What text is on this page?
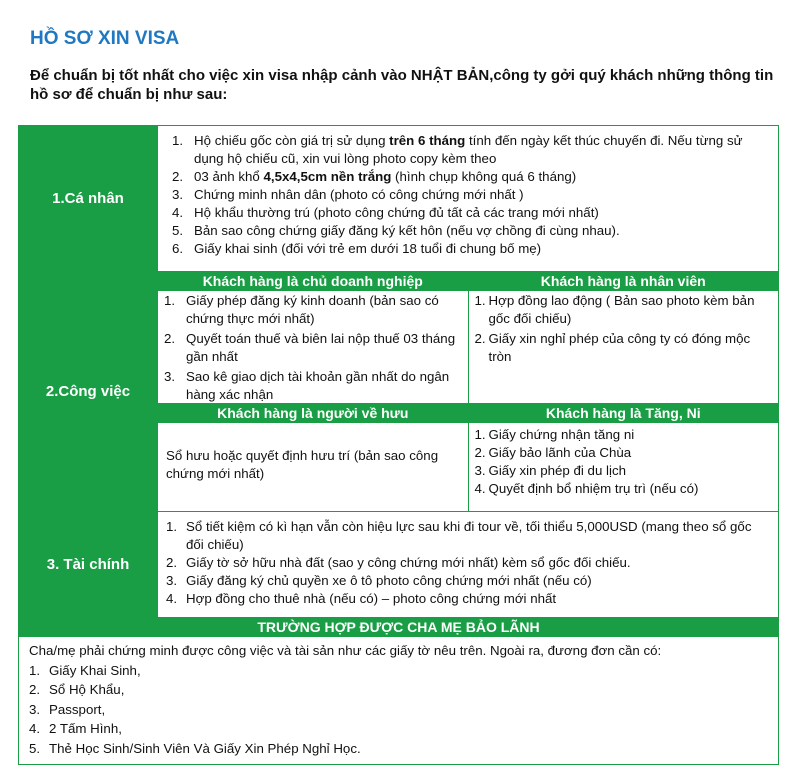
HỒ SƠ XIN VISA
Để chuẩn bị tốt nhất cho việc xin visa nhập cảnh vào NHẬT BẢN,công ty gởi quý khách những thông tin hồ sơ để chuẩn bị như sau:
1.Cá nhân
1. Hộ chiếu gốc còn giá trị sử dụng trên 6 tháng tính đến ngày kết thúc chuyến đi. Nếu từng sử dụng hộ chiếu cũ, xin vui lòng photo copy kèm theo
2. 03 ảnh khổ 4,5x4,5cm nền trắng (hình chụp không quá 6 tháng)
3. Chứng minh nhân dân (photo có công chứng mới nhất )
4. Hộ khẩu thường trú (photo công chứng đủ tất cả các trang mới nhất)
5. Bản sao công chứng giấy đăng ký kết hôn (nếu vợ chồng đi cùng nhau).
6. Giấy khai sinh (đối với trẻ em dưới 18 tuổi đi chung bố mẹ)
2.Công việc
Khách hàng là chủ doanh nghiệp
1. Giấy phép đăng ký kinh doanh (bản sao có chứng thực mới nhất)
2. Quyết toán thuế và biên lai nộp thuế 03 tháng gần nhất
3. Sao kê giao dịch tài khoản gần nhất do ngân hàng xác nhận
Khách hàng là nhân viên
1. Hợp đồng lao động ( Bản sao photo kèm bản gốc đối chiếu)
2. Giấy xin nghỉ phép của công ty có đóng mộc tròn
Khách hàng là người về hưu
Sổ hưu hoặc quyết định hưu trí (bản sao công chứng mới nhất)
Khách hàng là Tăng, Ni
1. Giấy chứng nhận tăng ni
2. Giấy bảo lãnh của Chùa
3. Giấy xin phép đi du lịch
4. Quyết định bổ nhiệm trụ trì (nếu có)
3. Tài chính
1. Sổ tiết kiệm có kì hạn vẫn còn hiệu lực sau khi đi tour về, tối thiểu 5,000USD (mang theo sổ gốc đối chiếu)
2. Giấy tờ sở hữu nhà đất (sao y công chứng mới nhất) kèm sổ gốc đối chiếu.
3. Giấy đăng ký chủ quyền xe ô tô photo công chứng mới nhất (nếu có)
4. Hợp đồng cho thuê nhà (nếu có) – photo công chứng mới nhất
TRƯỜNG HỢP ĐƯỢC CHA MẸ BẢO LÃNH
Cha/mẹ phải chứng minh được công việc và tài sản như các giấy tờ nêu trên. Ngoài ra, đương đơn cần có:
1. Giấy Khai Sinh,
2. Sổ Hộ Khẩu,
3. Passport,
4. 2 Tấm Hình,
5. Thẻ Học Sinh/Sinh Viên Và Giấy Xin Phép Nghỉ Học.
